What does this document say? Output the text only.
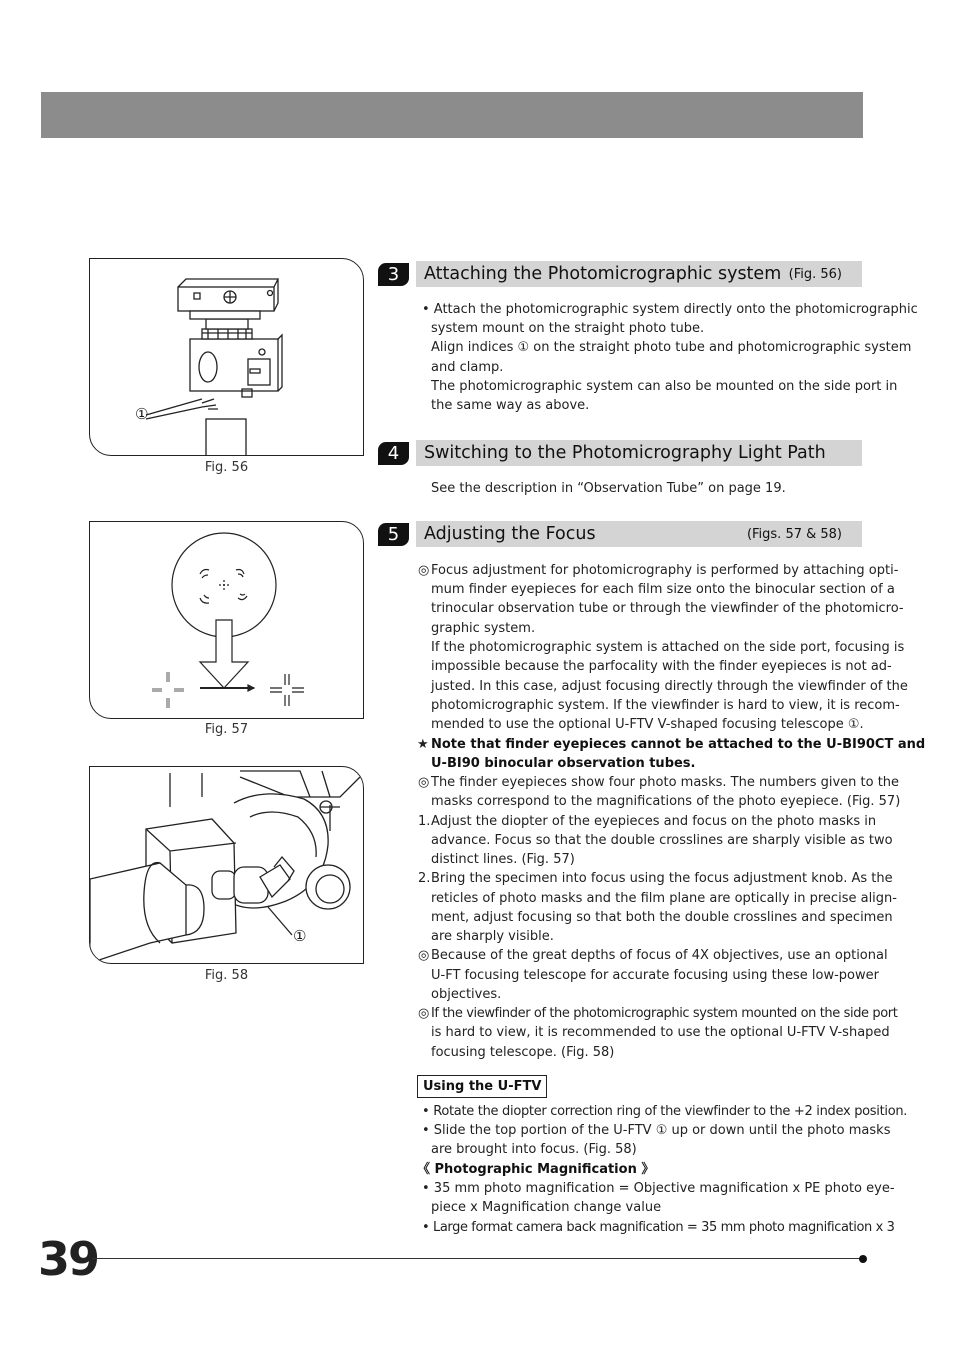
①
Fig. 56
Fig. 57
①
Fig. 58
3	Attaching the Photomicrographic system (Fig. 56)
• Attach the photomicrographic system directly onto the photomicrographic
system mount on the straight photo tube.
Align indices ① on the straight photo tube and photomicrographic system
and clamp.
The photomicrographic system can also be mounted on the side port in
the same way as above.
4	Switching to the Photomicrography Light Path
See the description in “Observation Tube” on page 19.
5	Adjusting the Focus	(Figs. 57 & 58)
◎ Focus adjustment for photomicrography is performed by attaching opti-
mum finder eyepieces for each film size onto the binocular section of a
trinocular observation tube or through the viewfinder of the photomicro-
graphic system.
If the photomicrographic system is attached on the side port, focusing is
impossible because the parfocality with the finder eyepieces is not ad-
justed. In this case, adjust focusing directly through the viewfinder of the
photomicrographic system. If the viewfinder is hard to view, it is recom-
mended to use the optional U-FTV V-shaped focusing telescope ①.
★ Note that finder eyepieces cannot be attached to the U-BI90CT and
U-BI90 binocular observation tubes.
◎ The finder eyepieces show four photo masks. The numbers given to the
masks correspond to the magnifications of the photo eyepiece. (Fig. 57)
1. Adjust the diopter of the eyepieces and focus on the photo masks in
advance. Focus so that the double crosslines are sharply visible as two
distinct lines. (Fig. 57)
2. Bring the specimen into focus using the focus adjustment knob. As the
reticles of photo masks and the film plane are optically in precise align-
ment, adjust focusing so that both the double crosslines and specimen
are sharply visible.
◎ Because of the great depths of focus of 4X objectives, use an optional
U-FT focusing telescope for accurate focusing using these low-power
objectives.
◎ If the viewfinder of the photomicrographic system mounted on the side port
is hard to view, it is recommended to use the optional U-FTV V-shaped
focusing telescope. (Fig. 58)
Using the U-FTV
• Rotate the diopter correction ring of the viewfinder to the +2 index position.
• Slide the top portion of the U-FTV ① up or down until the photo masks
are brought into focus. (Fig. 58)
《 Photographic Magnification 》
• 35 mm photo magnification = Objective magnification x PE photo eye-
piece x Magnification change value
• Large format camera back magnification = 35 mm photo magnification x 3
39
